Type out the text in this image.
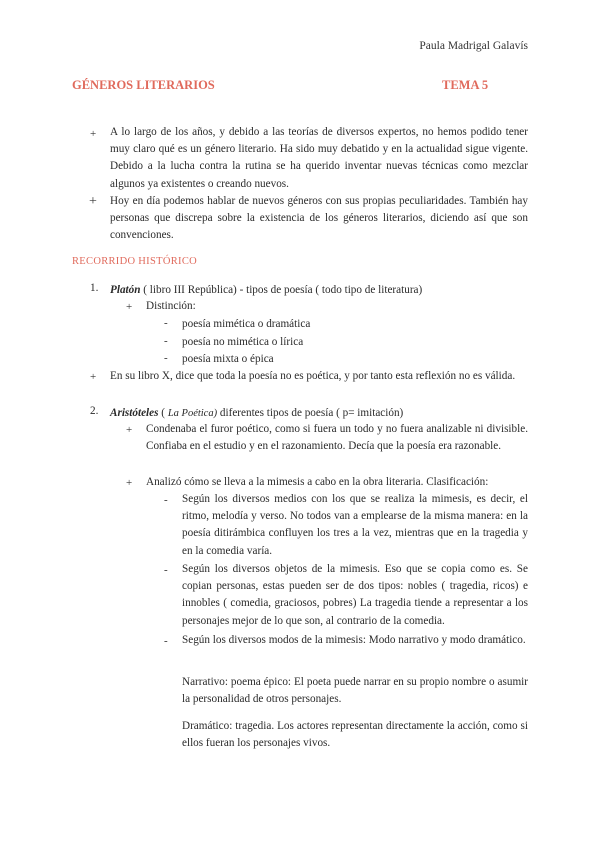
Paula Madrigal Galavís
GÉNEROS LITERARIOS	TEMA 5
+ A lo largo de los años, y debido a las teorías de diversos expertos, no hemos podido tener muy claro qué es un género literario. Ha sido muy debatido y en la actualidad sigue vigente. Debido a la lucha contra la rutina se ha querido inventar nuevas técnicas como mezclar algunos ya existentes o creando nuevos.
+ Hoy en día podemos hablar de nuevos géneros con sus propias peculiaridades. También hay personas que discrepa sobre la existencia de los géneros literarios, diciendo así que son convenciones.
RECORRIDO HISTÓRICO
1. Platón ( libro III República) - tipos de poesía ( todo tipo de literatura)
+ Distinción:
- poesía mimética o dramática
- poesía no mimética o lírica
- poesía mixta o épica
+ En su libro X, dice que toda la poesía no es poética, y por tanto esta reflexión no es válida.
2. Aristóteles ( La Poética) diferentes tipos de poesía ( p= imitación)
+ Condenaba el furor poético, como si fuera un todo y no fuera analizable ni divisible. Confiaba en el estudio y en el razonamiento. Decía que la poesía era razonable.
+ Analizó cómo se lleva a la mimesis a cabo en la obra literaria. Clasificación:
- Según los diversos medios con los que se realiza la mimesis, es decir, el ritmo, melodía y verso. No todos van a emplearse de la misma manera: en la poesía ditirámbica confluyen los tres a la vez, mientras que en la tragedia y en la comedia varía.
- Según los diversos objetos de la mimesis. Eso que se copia como es. Se copian personas, estas pueden ser de dos tipos: nobles ( tragedia, ricos) e innobles ( comedia, graciosos, pobres) La tragedia tiende a representar a los personajes mejor de lo que son, al contrario de la comedia.
- Según los diversos modos de la mimesis: Modo narrativo y modo dramático.
Narrativo: poema épico: El poeta puede narrar en su propio nombre o asumir la personalidad de otros personajes.
Dramático: tragedia. Los actores representan directamente la acción, como si ellos fueran los personajes vivos.
